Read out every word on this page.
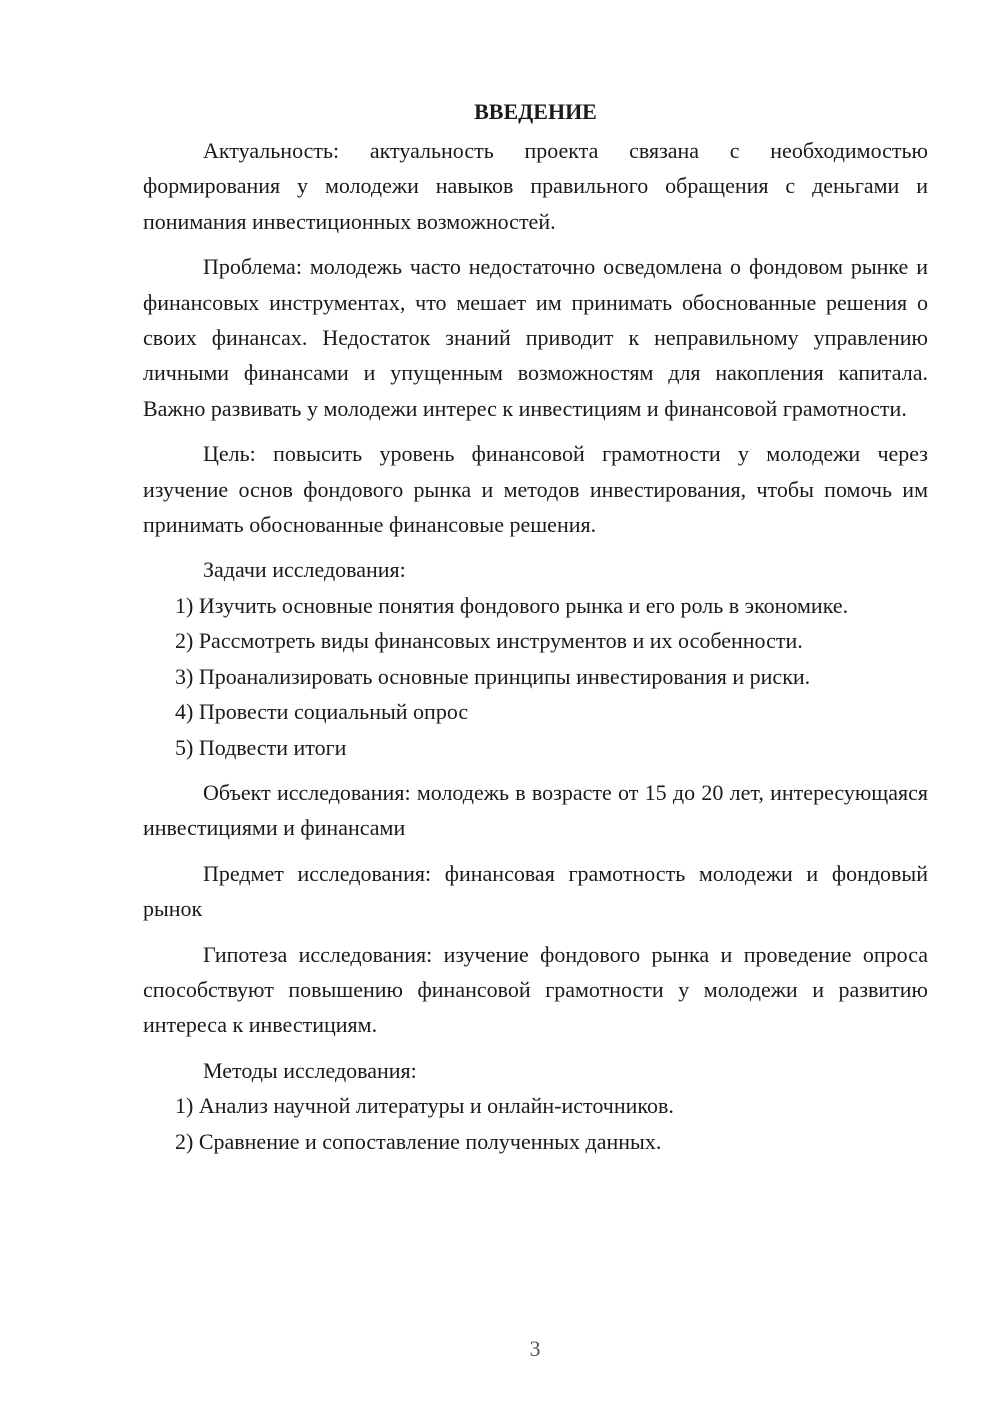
ВВЕДЕНИЕ

Актуальность: актуальность проекта связана с необходимостью формирования у молодежи навыков правильного обращения с деньгами и понимания инвестиционных возможностей.

Проблема: молодежь часто недостаточно осведомлена о фондовом рынке и финансовых инструментах, что мешает им принимать обоснованные решения о своих финансах. Недостаток знаний приводит к неправильному управлению личными финансами и упущенным возможностям для накопления капитала. Важно развивать у молодежи интерес к инвестициям и финансовой грамотности.

Цель: повысить уровень финансовой грамотности у молодежи через изучение основ фондового рынка и методов инвестирования, чтобы помочь им принимать обоснованные финансовые решения.

Задачи исследования:

1) Изучить основные понятия фондового рынка и его роль в экономике.

2) Рассмотреть виды финансовых инструментов и их особенности.

3) Проанализировать основные принципы инвестирования и риски.

4) Провести социальный опрос

5) Подвести итоги

Объект исследования: молодежь в возрасте от 15 до 20 лет, интересующаяся инвестициями и финансами

Предмет исследования: финансовая грамотность молодежи и фондовый рынок

Гипотеза исследования: изучение фондового рынка и проведение опроса способствуют повышению финансовой грамотности у молодежи и развитию интереса к инвестициям.

Методы исследования:

1) Анализ научной литературы и онлайн-источников.

2) Сравнение и сопоставление полученных данных.

3
